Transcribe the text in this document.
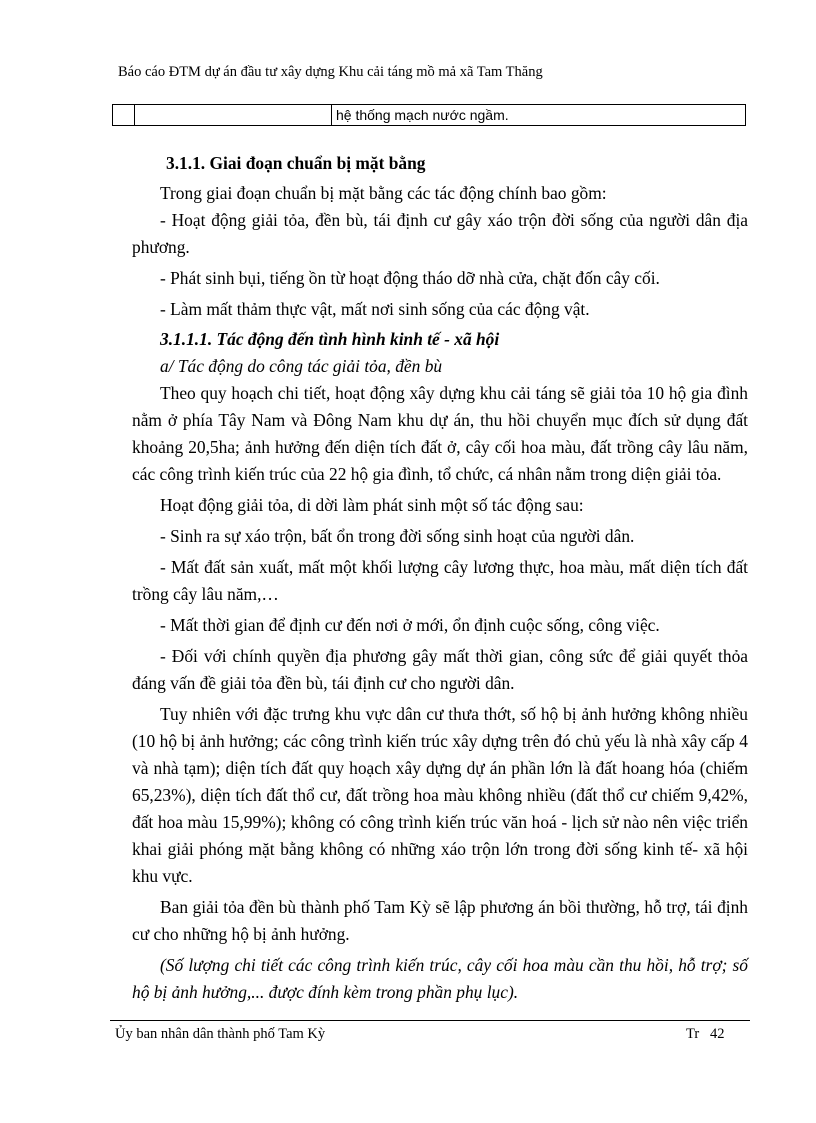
Báo cáo ĐTM dự án đầu tư xây dựng Khu cải táng mồ mả xã Tam Thăng
		hệ thống mạch nước ngầm.

3.1.1. Giai đoạn chuẩn bị mặt bằng

Trong giai đoạn chuẩn bị mặt bằng các tác động chính bao gồm:

- Hoạt động giải tỏa, đền bù, tái định cư gây xáo trộn đời sống của người dân địa phương.

- Phát sinh bụi, tiếng ồn từ hoạt động tháo dỡ nhà cửa, chặt đốn cây cối.

- Làm mất thảm thực vật, mất nơi sinh sống của các động vật.

3.1.1.1. Tác động đến tình hình kinh tế - xã hội

a/ Tác động do công tác giải tỏa, đền bù

Theo quy hoạch chi tiết, hoạt động xây dựng khu cải táng sẽ giải tỏa 10 hộ gia đình nằm ở phía Tây Nam và Đông Nam khu dự án, thu hồi chuyển mục đích sử dụng đất khoảng 20,5ha; ảnh hưởng đến diện tích đất ở, cây cối hoa màu, đất trồng cây lâu năm, các công trình kiến trúc của 22 hộ gia đình, tổ chức, cá nhân nằm trong diện giải tỏa.

Hoạt động giải tỏa, di dời làm phát sinh một số tác động sau:

- Sinh ra sự xáo trộn, bất ổn trong đời sống sinh hoạt của người dân.

- Mất đất sản xuất, mất một khối lượng cây lương thực, hoa màu, mất diện tích đất trồng cây lâu năm,…

- Mất thời gian để định cư đến nơi ở mới, ổn định cuộc sống, công việc.

- Đối với chính quyền địa phương gây mất thời gian, công sức để giải quyết thỏa đáng vấn đề giải tỏa đền bù, tái định cư cho người dân.

Tuy nhiên với đặc trưng khu vực dân cư thưa thớt, số hộ bị ảnh hưởng không nhiều (10 hộ bị ảnh hưởng; các công trình kiến trúc xây dựng trên đó chủ yếu là nhà xây cấp 4 và nhà tạm); diện tích đất quy hoạch xây dựng dự án phần lớn là đất hoang hóa (chiếm 65,23%), diện tích đất thổ cư, đất trồng hoa màu không nhiều (đất thổ cư chiếm 9,42%, đất hoa màu 15,99%); không có công trình kiến trúc văn hoá - lịch sử nào nên việc triển khai giải phóng mặt bằng không có những xáo trộn lớn trong đời sống kinh tế- xã hội khu vực.

Ban giải tỏa đền bù thành phố Tam Kỳ sẽ lập phương án bồi thường, hỗ trợ, tái định cư cho những hộ bị ảnh hưởng.

(Số lượng chi tiết các công trình kiến trúc, cây cối hoa màu cần thu hồi, hỗ trợ; số hộ bị ảnh hưởng,... được đính kèm trong phần phụ lục).

Ủy ban nhân dân thành phố Tam Kỳ	Tr   42
